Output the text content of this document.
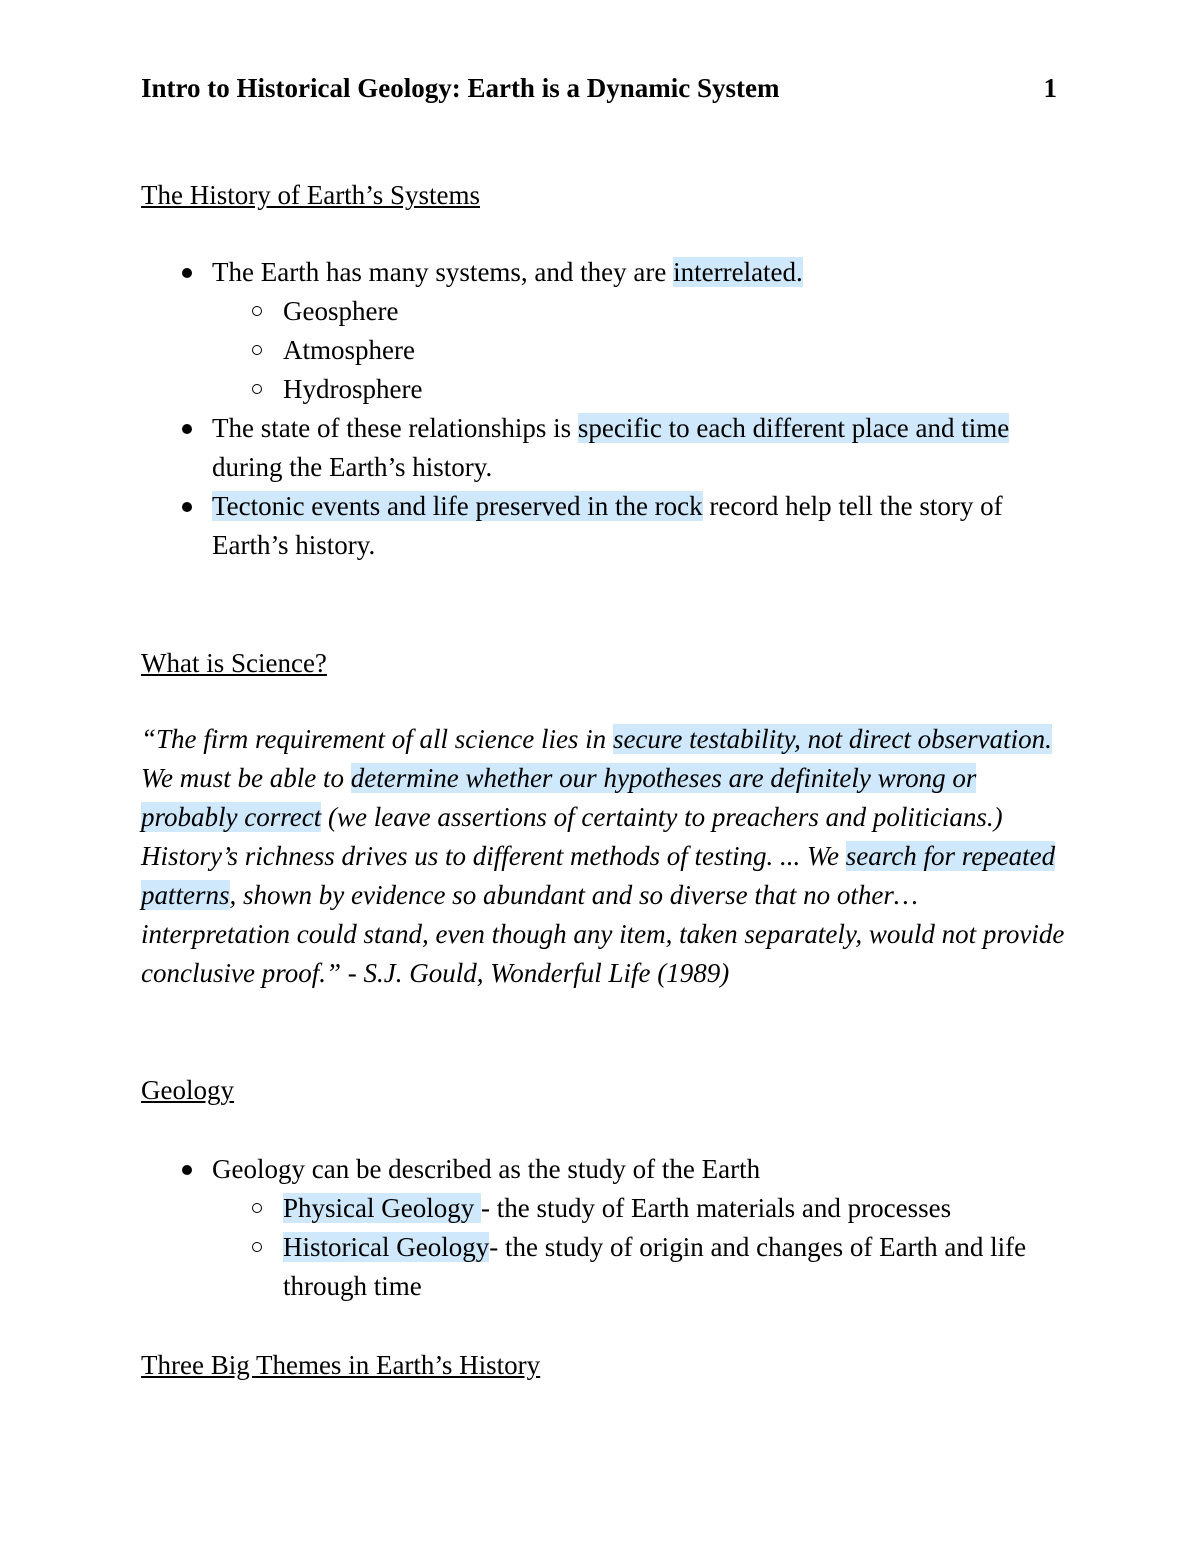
Intro to Historical Geology: Earth is a Dynamic System	1
The History of Earth’s Systems
The Earth has many systems, and they are interrelated.
Geosphere
Atmosphere
Hydrosphere
The state of these relationships is specific to each different place and time during the Earth’s history.
Tectonic events and life preserved in the rock record help tell the story of Earth’s history.
What is Science?

“The firm requirement of all science lies in secure testability, not direct observation. We must be able to determine whether our hypotheses are definitely wrong or probably correct (we leave assertions of certainty to preachers and politicians.) History’s richness drives us to different methods of testing. ... We search for repeated patterns, shown by evidence so abundant and so diverse that no other… interpretation could stand, even though any item, taken separately, would not provide conclusive proof.” - S.J. Gould, Wonderful Life (1989)

Geology
Geology can be described as the study of the Earth
Physical Geology - the study of Earth materials and processes
Historical Geology- the study of origin and changes of Earth and life through time
Three Big Themes in Earth’s History
